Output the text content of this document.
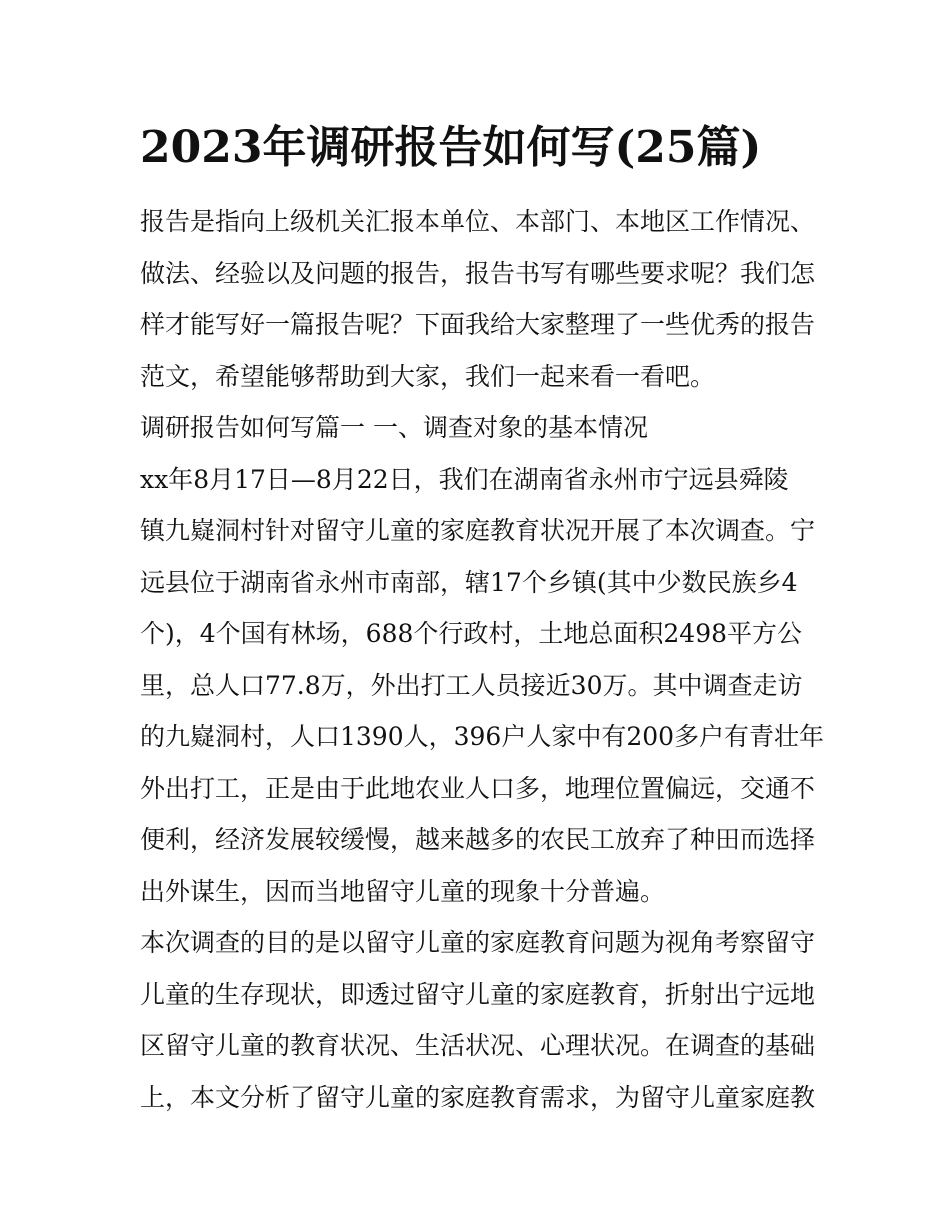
2023年调研报告如何写(25篇)
报告是指向上级机关汇报本单位、本部门、本地区工作情况、
做法、经验以及问题的报告，报告书写有哪些要求呢？我们怎
样才能写好一篇报告呢？下面我给大家整理了一些优秀的报告
范文，希望能够帮助到大家，我们一起来看一看吧。
调研报告如何写篇一 一、调查对象的基本情况
xx年8月17日—8月22日，我们在湖南省永州市宁远县舜陵
镇九嶷洞村针对留守儿童的家庭教育状况开展了本次调查。宁
远县位于湖南省永州市南部，辖17个乡镇(其中少数民族乡4
个)，4个国有林场，688个行政村，土地总面积2498平方公
里，总人口77.8万，外出打工人员接近30万。其中调查走访
的九嶷洞村，人口1390人，396户人家中有200多户有青壮年
外出打工，正是由于此地农业人口多，地理位置偏远，交通不
便利，经济发展较缓慢，越来越多的农民工放弃了种田而选择
出外谋生，因而当地留守儿童的现象十分普遍。
本次调查的目的是以留守儿童的家庭教育问题为视角考察留守
儿童的生存现状，即透过留守儿童的家庭教育，折射出宁远地
区留守儿童的教育状况、生活状况、心理状况。在调查的基础
上，本文分析了留守儿童的家庭教育需求，为留守儿童家庭教
